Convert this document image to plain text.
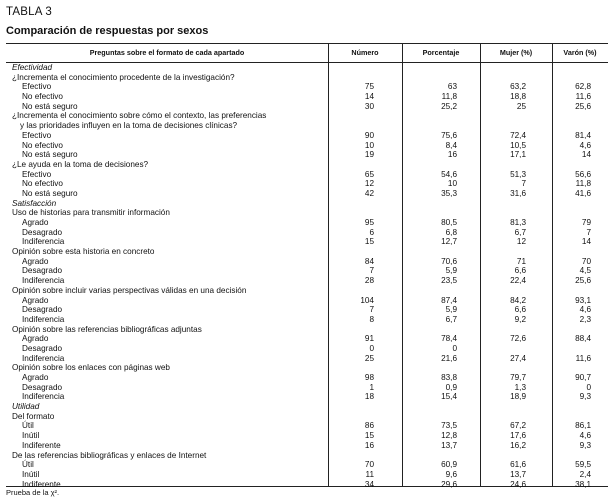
TABLA 3
Comparación de respuestas por sexos
Preguntas sobre el formato de cada apartado	Número	Porcentaje	Mujer (%)	Varón (%)
Efectividad
¿Incrementa el conocimiento procedente de la investigación?
Efectivo	75	63	63,2	62,8
No efectivo	14	11,8	18,8	11,6
No está seguro	30	25,2	25	25,6
¿Incrementa el conocimiento sobre cómo el contexto, las preferencias
y las prioridades influyen en la toma de decisiones clínicas?
Efectivo	90	75,6	72,4	81,4
No efectivo	10	8,4	10,5	4,6
No está seguro	19	16	17,1	14
¿Le ayuda en la toma de decisiones?
Efectivo	65	54,6	51,3	56,6
No efectivo	12	10	7	11,8
No está seguro	42	35,3	31,6	41,6
Satisfacción
Uso de historias para transmitir información
Agrado	95	80,5	81,3	79
Desagrado	6	6,8	6,7	7
Indiferencia	15	12,7	12	14
Opinión sobre esta historia en concreto
Agrado	84	70,6	71	70
Desagrado	7	5,9	6,6	4,5
Indiferencia	28	23,5	22,4	25,6
Opinión sobre incluir varias perspectivas válidas en una decisión
Agrado	104	87,4	84,2	93,1
Desagrado	7	5,9	6,6	4,6
Indiferencia	8	6,7	9,2	2,3
Opinión sobre las referencias bibliográficas adjuntas
Agrado	91	78,4	72,6	88,4
Desagrado	0	0
Indiferencia	25	21,6	27,4	11,6
Opinión sobre los enlaces con páginas web
Agrado	98	83,8	79,7	90,7
Desagrado	1	0,9	1,3	0
Indiferencia	18	15,4	18,9	9,3
Utilidad
Del formato
Útil	86	73,5	67,2	86,1
Inútil	15	12,8	17,6	4,6
Indiferente	16	13,7	16,2	9,3
De las referencias bibliográficas y enlaces de Internet
Útil	70	60,9	61,6	59,5
Inútil	11	9,6	13,7	2,4
Indiferente	34	29,6	24,6	38,1
Prueba de la χ².
